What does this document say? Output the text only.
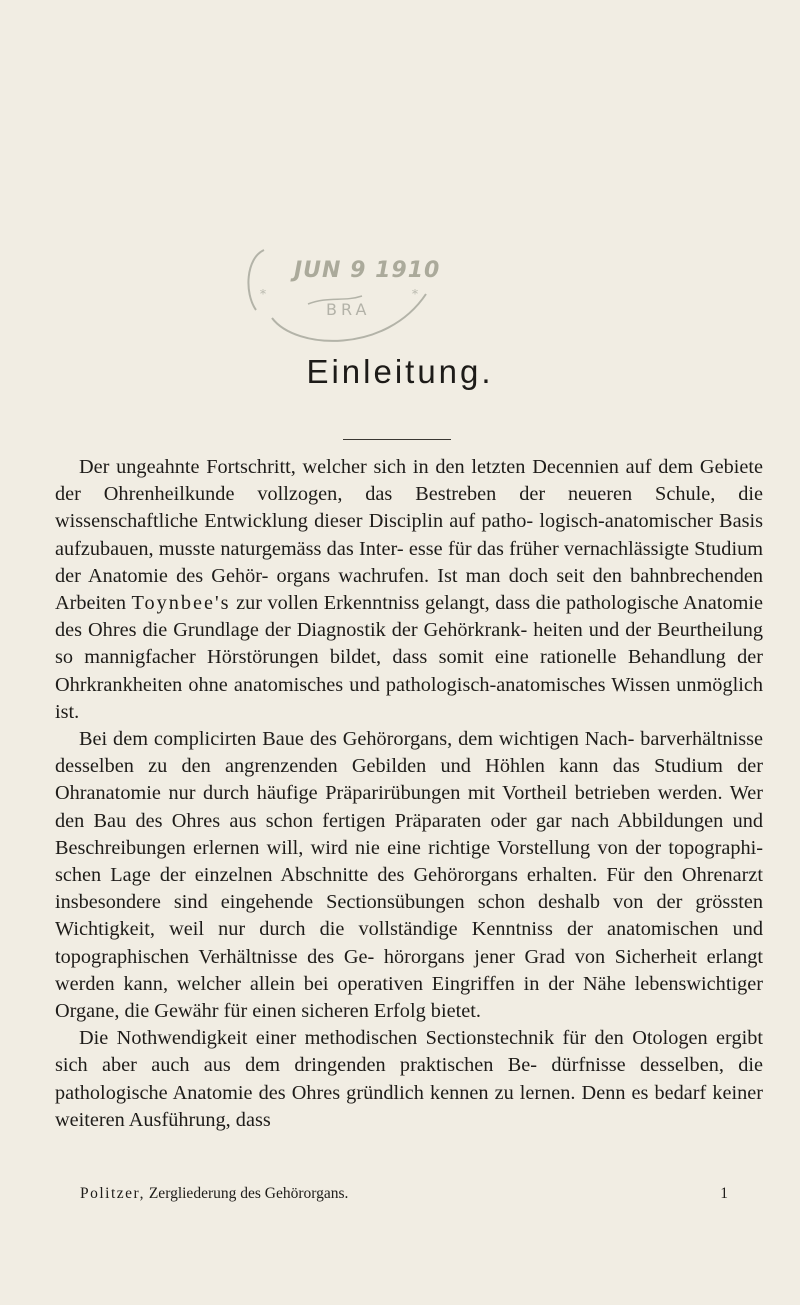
*	*
JUN 9 1910
BRA
Einleitung.

Der ungeahnte Fortschritt, welcher sich in den letzten Decennien auf dem Gebiete der Ohrenheilkunde vollzogen, das Bestreben der neueren Schule, die wissenschaftliche Entwicklung dieser Disciplin auf patho- logisch-anatomischer Basis aufzubauen, musste naturgemäss das Inter- esse für das früher vernachlässigte Studium der Anatomie des Gehör- organs wachrufen. Ist man doch seit den bahnbrechenden Arbeiten Toynbee's zur vollen Erkenntniss gelangt, dass die pathologische Anatomie des Ohres die Grundlage der Diagnostik der Gehörkrank- heiten und der Beurtheilung so mannigfacher Hörstörungen bildet, dass somit eine rationelle Behandlung der Ohrkrankheiten ohne anatomisches und pathologisch-anatomisches Wissen unmöglich ist.

Bei dem complicirten Baue des Gehörorgans, dem wichtigen Nach- barverhältnisse desselben zu den angrenzenden Gebilden und Höhlen kann das Studium der Ohranatomie nur durch häufige Präparirübungen mit Vortheil betrieben werden. Wer den Bau des Ohres aus schon fertigen Präparaten oder gar nach Abbildungen und Beschreibungen erlernen will, wird nie eine richtige Vorstellung von der topographi- schen Lage der einzelnen Abschnitte des Gehörorgans erhalten. Für den Ohrenarzt insbesondere sind eingehende Sectionsübungen schon deshalb von der grössten Wichtigkeit, weil nur durch die vollständige Kenntniss der anatomischen und topographischen Verhältnisse des Ge- hörorgans jener Grad von Sicherheit erlangt werden kann, welcher allein bei operativen Eingriffen in der Nähe lebenswichtiger Organe, die Gewähr für einen sicheren Erfolg bietet.

Die Nothwendigkeit einer methodischen Sectionstechnik für den Otologen ergibt sich aber auch aus dem dringenden praktischen Be- dürfnisse desselben, die pathologische Anatomie des Ohres gründlich kennen zu lernen. Denn es bedarf keiner weiteren Ausführung, dass

Politzer, Zergliederung des Gehörorgans.	1
